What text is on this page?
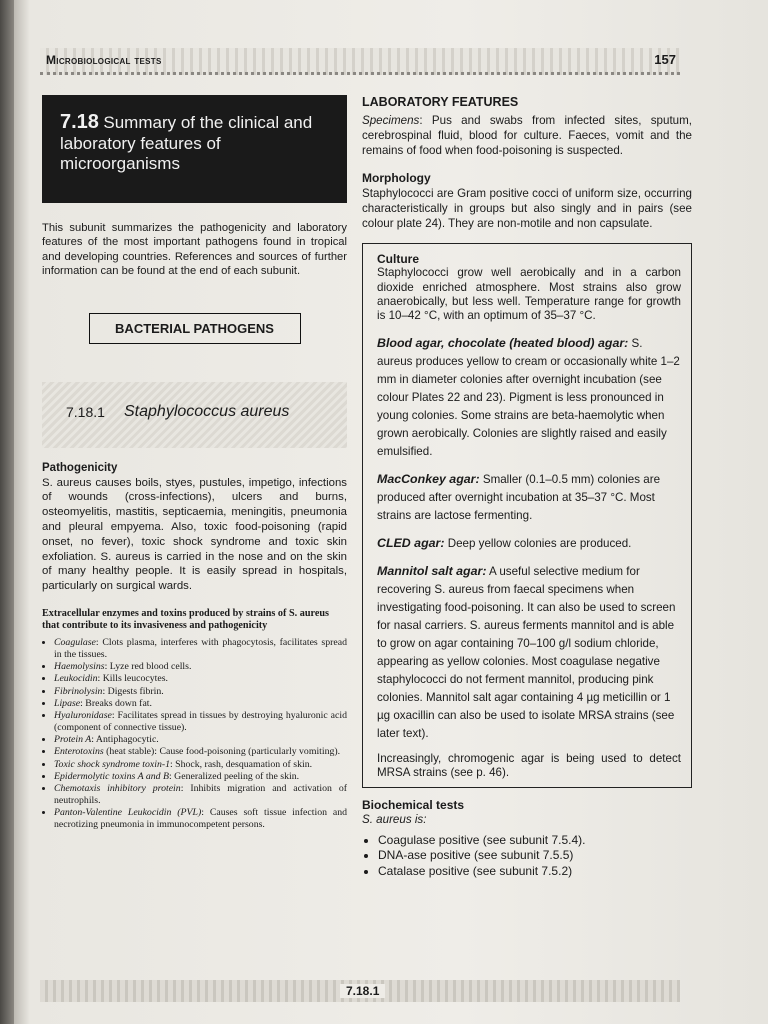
Microbiological tests	157
7.18 Summary of the clinical and laboratory features of microorganisms

This subunit summarizes the pathogenicity and laboratory features of the most important pathogens found in tropical and developing countries. References and sources of further information can be found at the end of each subunit.

BACTERIAL PATHOGENS
7.18.1 Staphylococcus aureus
Pathogenicity

S. aureus causes boils, styes, pustules, impetigo, infections of wounds (cross-infections), ulcers and burns, osteomyelitis, mastitis, septicaemia, meningitis, pneumonia and pleural empyema. Also, toxic food-poisoning (rapid onset, no fever), toxic shock syndrome and toxic skin exfoliation. S. aureus is carried in the nose and on the skin of many healthy people. It is easily spread in hospitals, particularly on surgical wards.

Extracellular enzymes and toxins produced by strains of S. aureus that contribute to its invasiveness and pathogenicity
• Coagulase: Clots plasma, interferes with phagocytosis, facilitates spread in the tissues.
• Haemolysins: Lyze red blood cells.
• Leukocidin: Kills leucocytes.
• Fibrinolysin: Digests fibrin.
• Lipase: Breaks down fat.
• Hyaluronidase: Facilitates spread in tissues by destroying hyaluronic acid (component of connective tissue).
• Protein A: Antiphagocytic.
• Enterotoxins (heat stable): Cause food-poisoning (particularly vomiting).
• Toxic shock syndrome toxin-1: Shock, rash, desquamation of skin.
• Epidermolytic toxins A and B: Generalized peeling of the skin.
• Chemotaxis inhibitory protein: Inhibits migration and activation of neutrophils.
• Panton-Valentine Leukocidin (PVL): Causes soft tissue infection and necrotizing pneumonia in immunocompetent persons.
LABORATORY FEATURES

Specimens: Pus and swabs from infected sites, sputum, cerebrospinal fluid, blood for culture. Faeces, vomit and the remains of food when food-poisoning is suspected.

Morphology

Staphylococci are Gram positive cocci of uniform size, occurring characteristically in groups but also singly and in pairs (see colour plate 24). They are non-motile and non capsulate.

Culture
Staphylococci grow well aerobically and in a carbon dioxide enriched atmosphere. Most strains also grow anaerobically, but less well. Temperature range for growth is 10–42 °C, with an optimum of 35–37 °C.
Blood agar, chocolate (heated blood) agar: S. aureus produces yellow to cream or occasionally white 1–2 mm in diameter colonies after overnight incubation (see colour Plates 22 and 23). Pigment is less pronounced in young colonies. Some strains are beta-haemolytic when grown aerobically. Colonies are slightly raised and easily emulsified.
MacConkey agar: Smaller (0.1–0.5 mm) colonies are produced after overnight incubation at 35–37 °C. Most strains are lactose fermenting.
CLED agar: Deep yellow colonies are produced.
Mannitol salt agar: A useful selective medium for recovering S. aureus from faecal specimens when investigating food-poisoning. It can also be used to screen for nasal carriers. S. aureus ferments mannitol and is able to grow on agar containing 70–100 g/l sodium chloride, appearing as yellow colonies. Most coagulase negative staphylococci do not ferment mannitol, producing pink colonies. Mannitol salt agar containing 4 µg meticillin or 1 µg oxacillin can also be used to isolate MRSA strains (see later text).
Increasingly, chromogenic agar is being used to detect MRSA strains (see p. 46).
Biochemical tests
S. aureus is:
• Coagulase positive (see subunit 7.5.4).
• DNA-ase positive (see subunit 7.5.5)
• Catalase positive (see subunit 7.5.2)
7.18.1
